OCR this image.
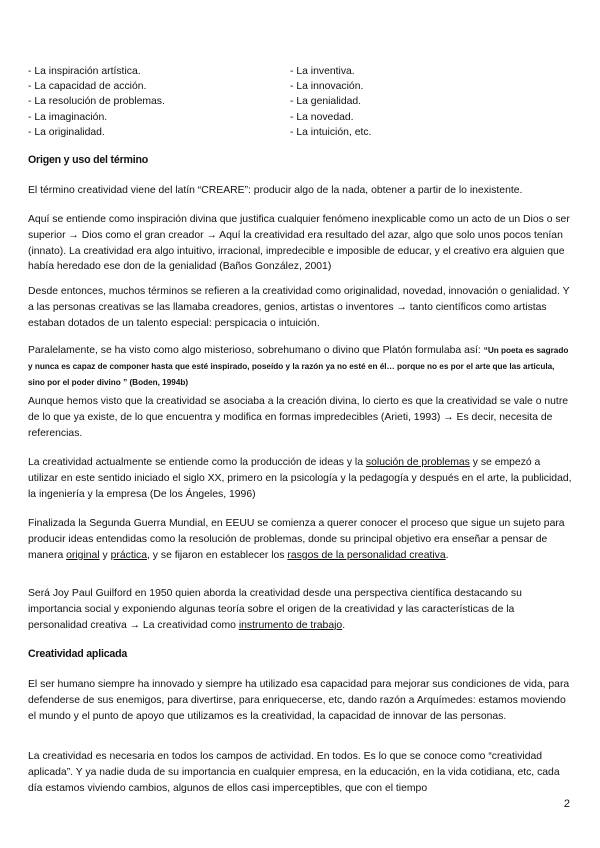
- La inspiración artística.	- La inventiva.
- La capacidad de acción.	- La innovación.
- La resolución de problemas.	- La genialidad.
- La imaginación.	- La novedad.
- La originalidad.	- La intuición, etc.
Origen y uso del término
El término creatividad viene del latín “CREARE”: producir algo de la nada, obtener a partir de lo inexistente.
Aquí se entiende como inspiración divina que justifica cualquier fenómeno inexplicable como un acto de un Dios o ser superior → Dios como el gran creador → Aquí la creatividad era resultado del azar, algo que solo unos pocos tenían (innato). La creatividad era algo intuitivo, irracional, impredecible e imposible de educar, y el creativo era alguien que había heredado ese don de la genialidad (Baños González, 2001)
Desde entonces, muchos términos se refieren a la creatividad como originalidad, novedad, innovación o genialidad. Y a las personas creativas se las llamaba creadores, genios, artistas o inventores → tanto científicos como artistas estaban dotados de un talento especial: perspicacia o intuición.
Paralelamente, se ha visto como algo misterioso, sobrehumano o divino que Platón formulaba así: “Un poeta es sagrado y nunca es capaz de componer hasta que esté inspirado, poseído y la razón ya no esté en él… porque no es por el arte que las articula, sino por el poder divino ” (Boden, 1994b)
Aunque hemos visto que la creatividad se asociaba a la creación divina, lo cierto es que la creatividad se vale o nutre de lo que ya existe, de lo que encuentra y modifica en formas impredecibles (Arieti, 1993) → Es decir, necesita de referencias.
La creatividad actualmente se entiende como la producción de ideas y la solución de problemas y se empezó a utilizar en este sentido iniciado el siglo XX, primero en la psicología y la pedagogía y después en el arte, la publicidad, la ingeniería y la empresa (De los Ángeles, 1996)
Finalizada la Segunda Guerra Mundial, en EEUU se comienza a querer conocer el proceso que sigue un sujeto para producir ideas entendidas como la resolución de problemas, donde su principal objetivo era enseñar a pensar de manera original y práctica, y se fijaron en establecer los rasgos de la personalidad creativa.
Será Joy Paul Guilford en 1950 quien aborda la creatividad desde una perspectiva científica destacando su importancia social y exponiendo algunas teoría sobre el origen de la creatividad y las características de la personalidad creativa → La creatividad como instrumento de trabajo.
Creatividad aplicada
El ser humano siempre ha innovado y siempre ha utilizado esa capacidad para mejorar sus condiciones de vida, para defenderse de sus enemigos, para divertirse, para enriquecerse, etc, dando razón a Arquímedes: estamos moviendo el mundo y el punto de apoyo que utilizamos es la creatividad, la capacidad de innovar de las personas.
La creatividad es necesaria en todos los campos de actividad. En todos. Es lo que se conoce como “creatividad aplicada”. Y ya nadie duda de su importancia en cualquier empresa, en la educación, en la vida cotidiana, etc, cada día estamos viviendo cambios, algunos de ellos casi imperceptibles, que con el tiempo
2
